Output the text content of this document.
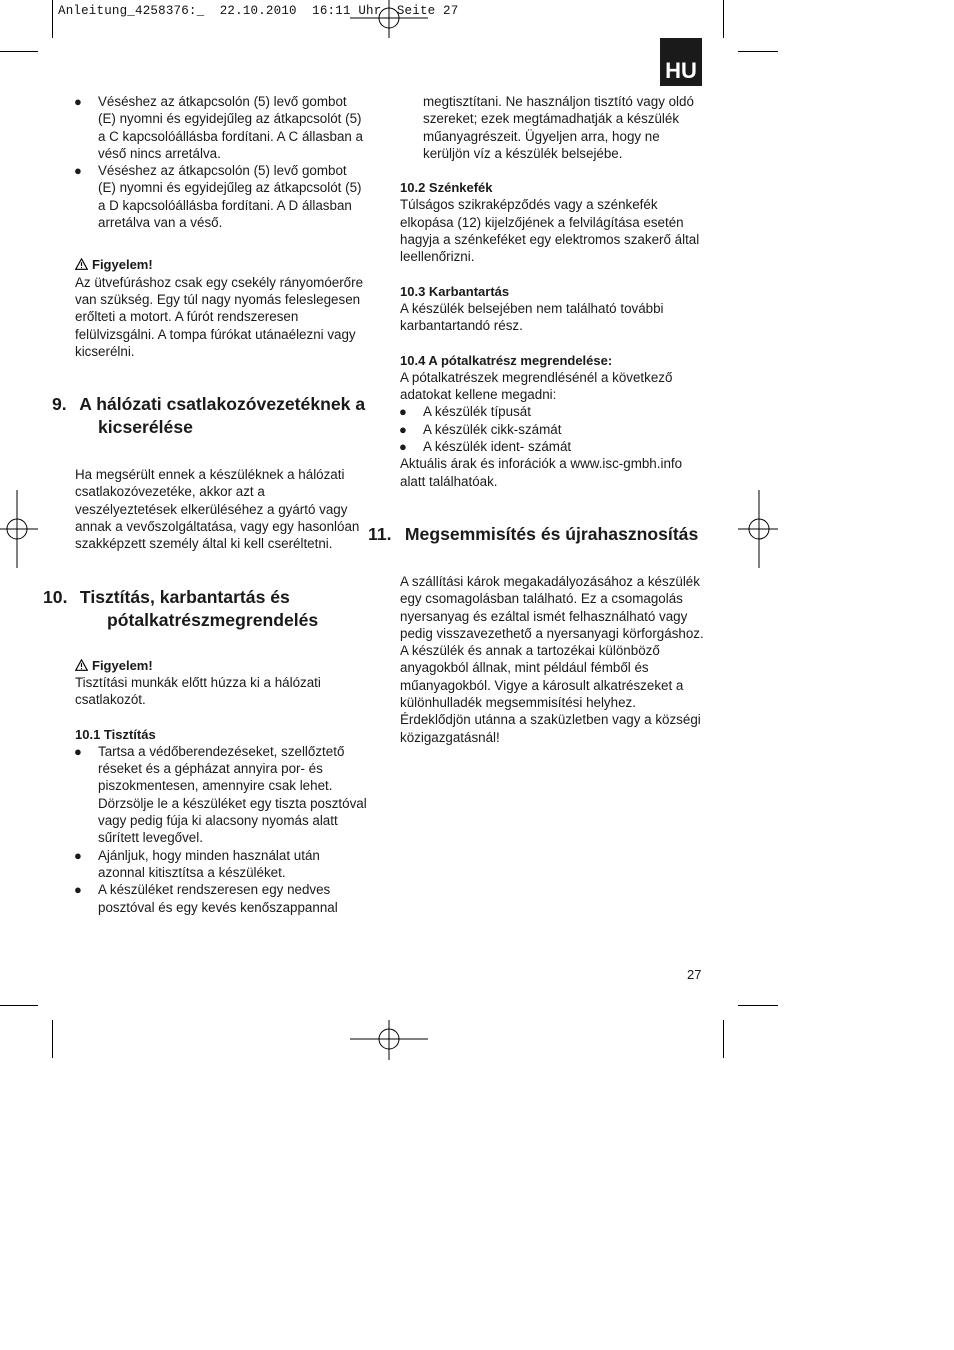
Anleitung_4258376:_  22.10.2010  16:11 Uhr  Seite 27
HU
● Véséshez az átkapcsolón (5) levő gombot (E) nyomni és egyidejűleg az átkapcsolót (5) a C kapcsolóállásba fordítani. A C állasban a véső nincs arretálva.

● Véséshez az átkapcsolón (5) levő gombot (E) nyomni és egyidejűleg az átkapcsolót (5) a D kapcsolóállásba fordítani. A D állasban arretálva van a véső.

Figyelem!

Az ütvefúráshoz csak egy csekély rányomóerőre van szükség. Egy túl nagy nyomás feleslegesen erőlteti a motort. A fúrót rendszeresen felülvizsgálni. A tompa fúrókat utánaélezni vagy kicserélni.

9. A hálózati csatlakozóvezetéknek a kicserélése

Ha megsérült ennek a készüléknek a hálózati csatlakozóvezetéke, akkor azt a veszélyeztetések elkerüléséhez a gyártó vagy annak a vevőszolgáltatása, vagy egy hasonlóan szakképzett személy által ki kell cseréltetni.

10. Tisztítás, karbantartás és pótalkatrészmegrendelés

Figyelem!

Tisztítási munkák előtt húzza ki a hálózati csatlakozót.

10.1 Tisztítás

● Tartsa a védőberendezéseket, szellőztető réseket és a gépházat annyira por- és piszokmentesen, amennyire csak lehet. Dörzsölje le a készüléket egy tiszta posztóval vagy pedig fúja ki alacsony nyomás alatt sűrített levegővel.

● Ajánljuk, hogy minden használat után azonnal kitisztítsa a készüléket.

● A készüléket rendszeresen egy nedves posztóval és egy kevés kenőszappannal

megtisztítani. Ne használjon tisztító vagy oldó szereket; ezek megtámadhatják a készülék műanyagrészeit. Ügyeljen arra, hogy ne kerüljön víz a készülék belsejébe.

10.2 Szénkefék

Túlságos szikraképződés vagy a szénkefék elkopása (12) kijelzőjének a felvilágítása esetén hagyja a szénkeféket egy elektromos szakerő által leellenőrizni.

10.3 Karbantartás

A készülék belsejében nem található további karbantartandó rész.

10.4 A pótalkatrész megrendelése:

A pótalkatrészek megrendlésénél a következő adatokat kellene megadni:

● A készülék típusát

● A készülék cikk-számát

● A készülék ident- számát

Aktuális árak és inforációk a www.isc-gmbh.info alatt találhatóak.

11. Megsemmisítés és újrahasznosítás

A szállítási károk megakadályozásához a készülék egy csomagolásban található. Ez a csomagolás nyersanyag és ezáltal ismét felhasználható vagy pedig visszavezethető a nyersanyagi körforgáshoz. A készülék és annak a tartozékai különböző anyagokból állnak, mint például fémből és műanyagokból. Vigye a károsult alkatrészeket a különhulladék megsemmisítési helyhez. Érdeklődjön utánna a szaküzletben vagy a községi közigazgatásnál!

27
